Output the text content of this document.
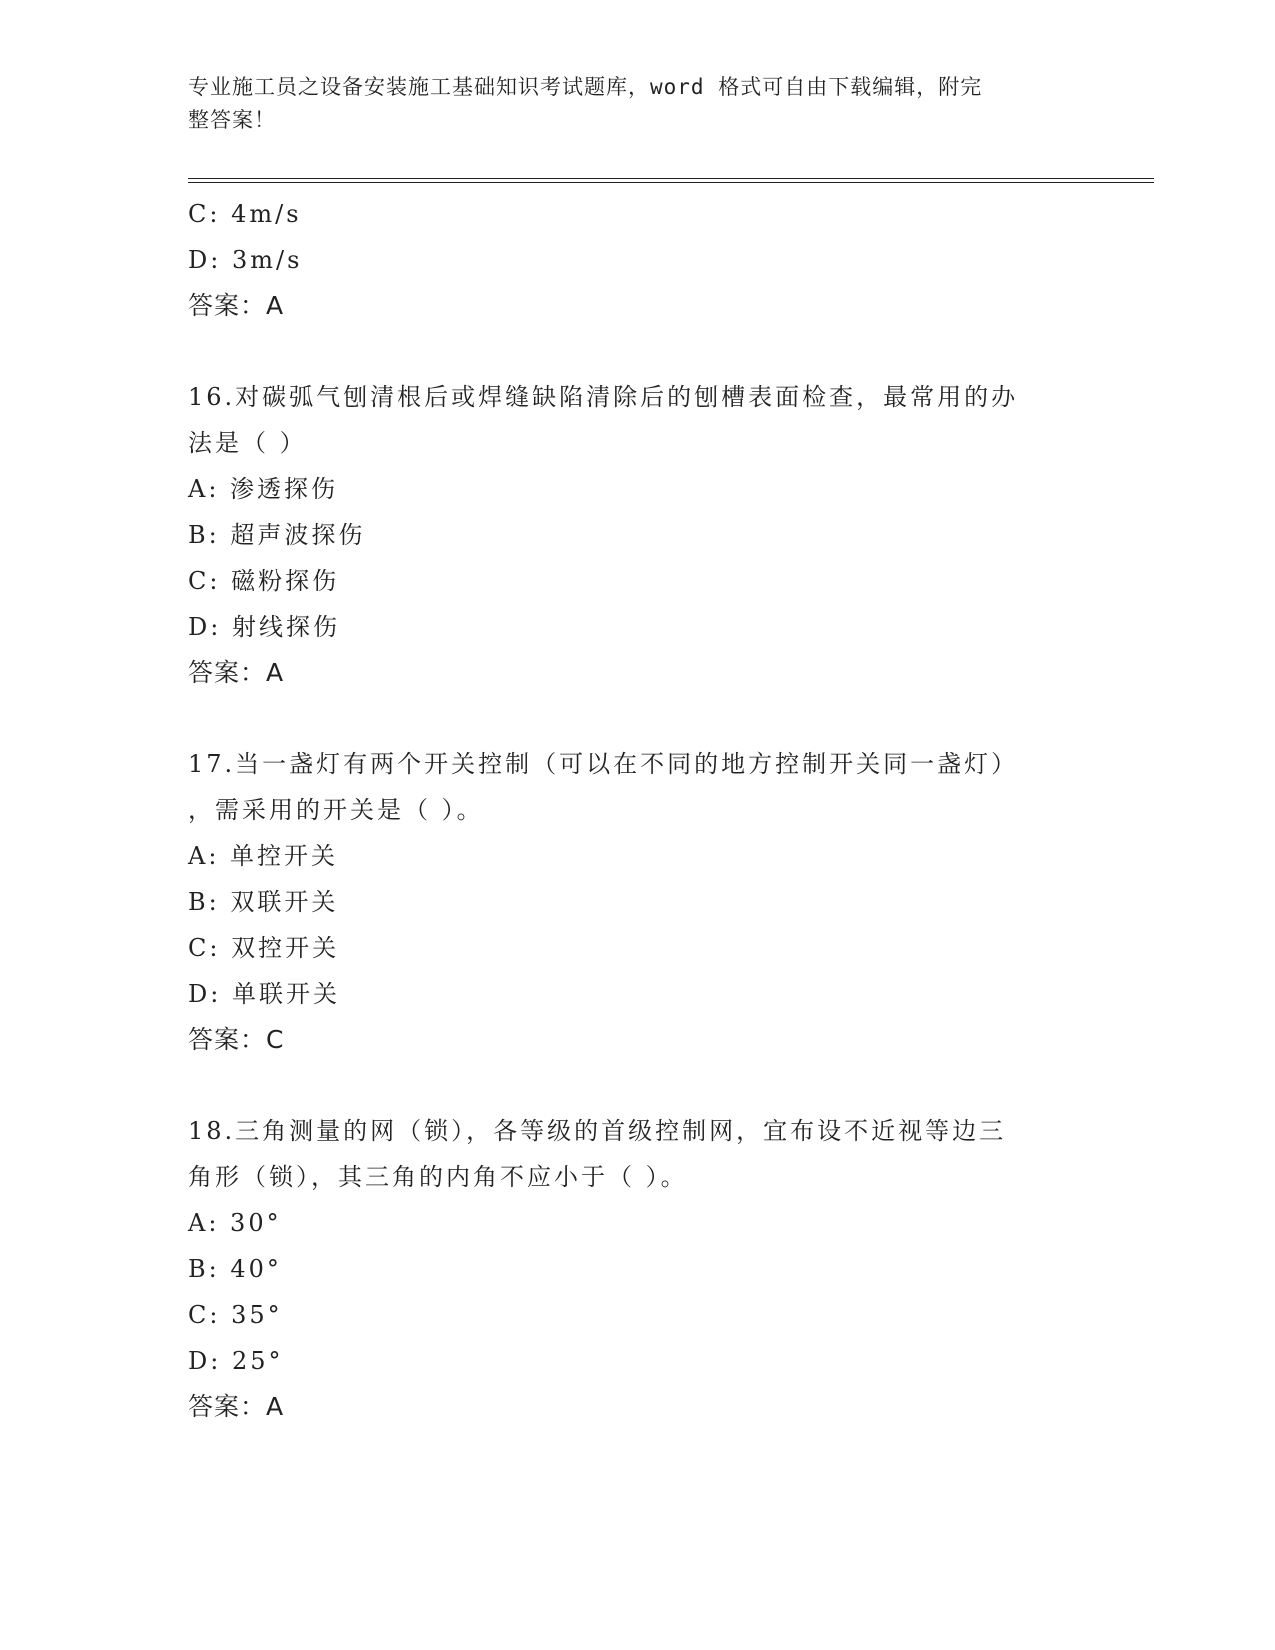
专业施工员之设备安装施工基础知识考试题库，word 格式可自由下载编辑，附完
整答案！
C: 4m/s
D: 3m/s
答案：A
16.对碳弧气刨清根后或焊缝缺陷清除后的刨槽表面检查，最常用的办
法是（ ）
A: 渗透探伤
B: 超声波探伤
C: 磁粉探伤
D: 射线探伤
答案：A
17.当一盏灯有两个开关控制（可以在不同的地方控制开关同一盏灯）
，需采用的开关是（ ）。
A: 单控开关
B: 双联开关
C: 双控开关
D: 单联开关
答案：C
18.三角测量的网（锁），各等级的首级控制网，宜布设不近视等边三
角形（锁），其三角的内角不应小于（ ）。
A: 30°
B: 40°
C: 35°
D: 25°
答案：A
